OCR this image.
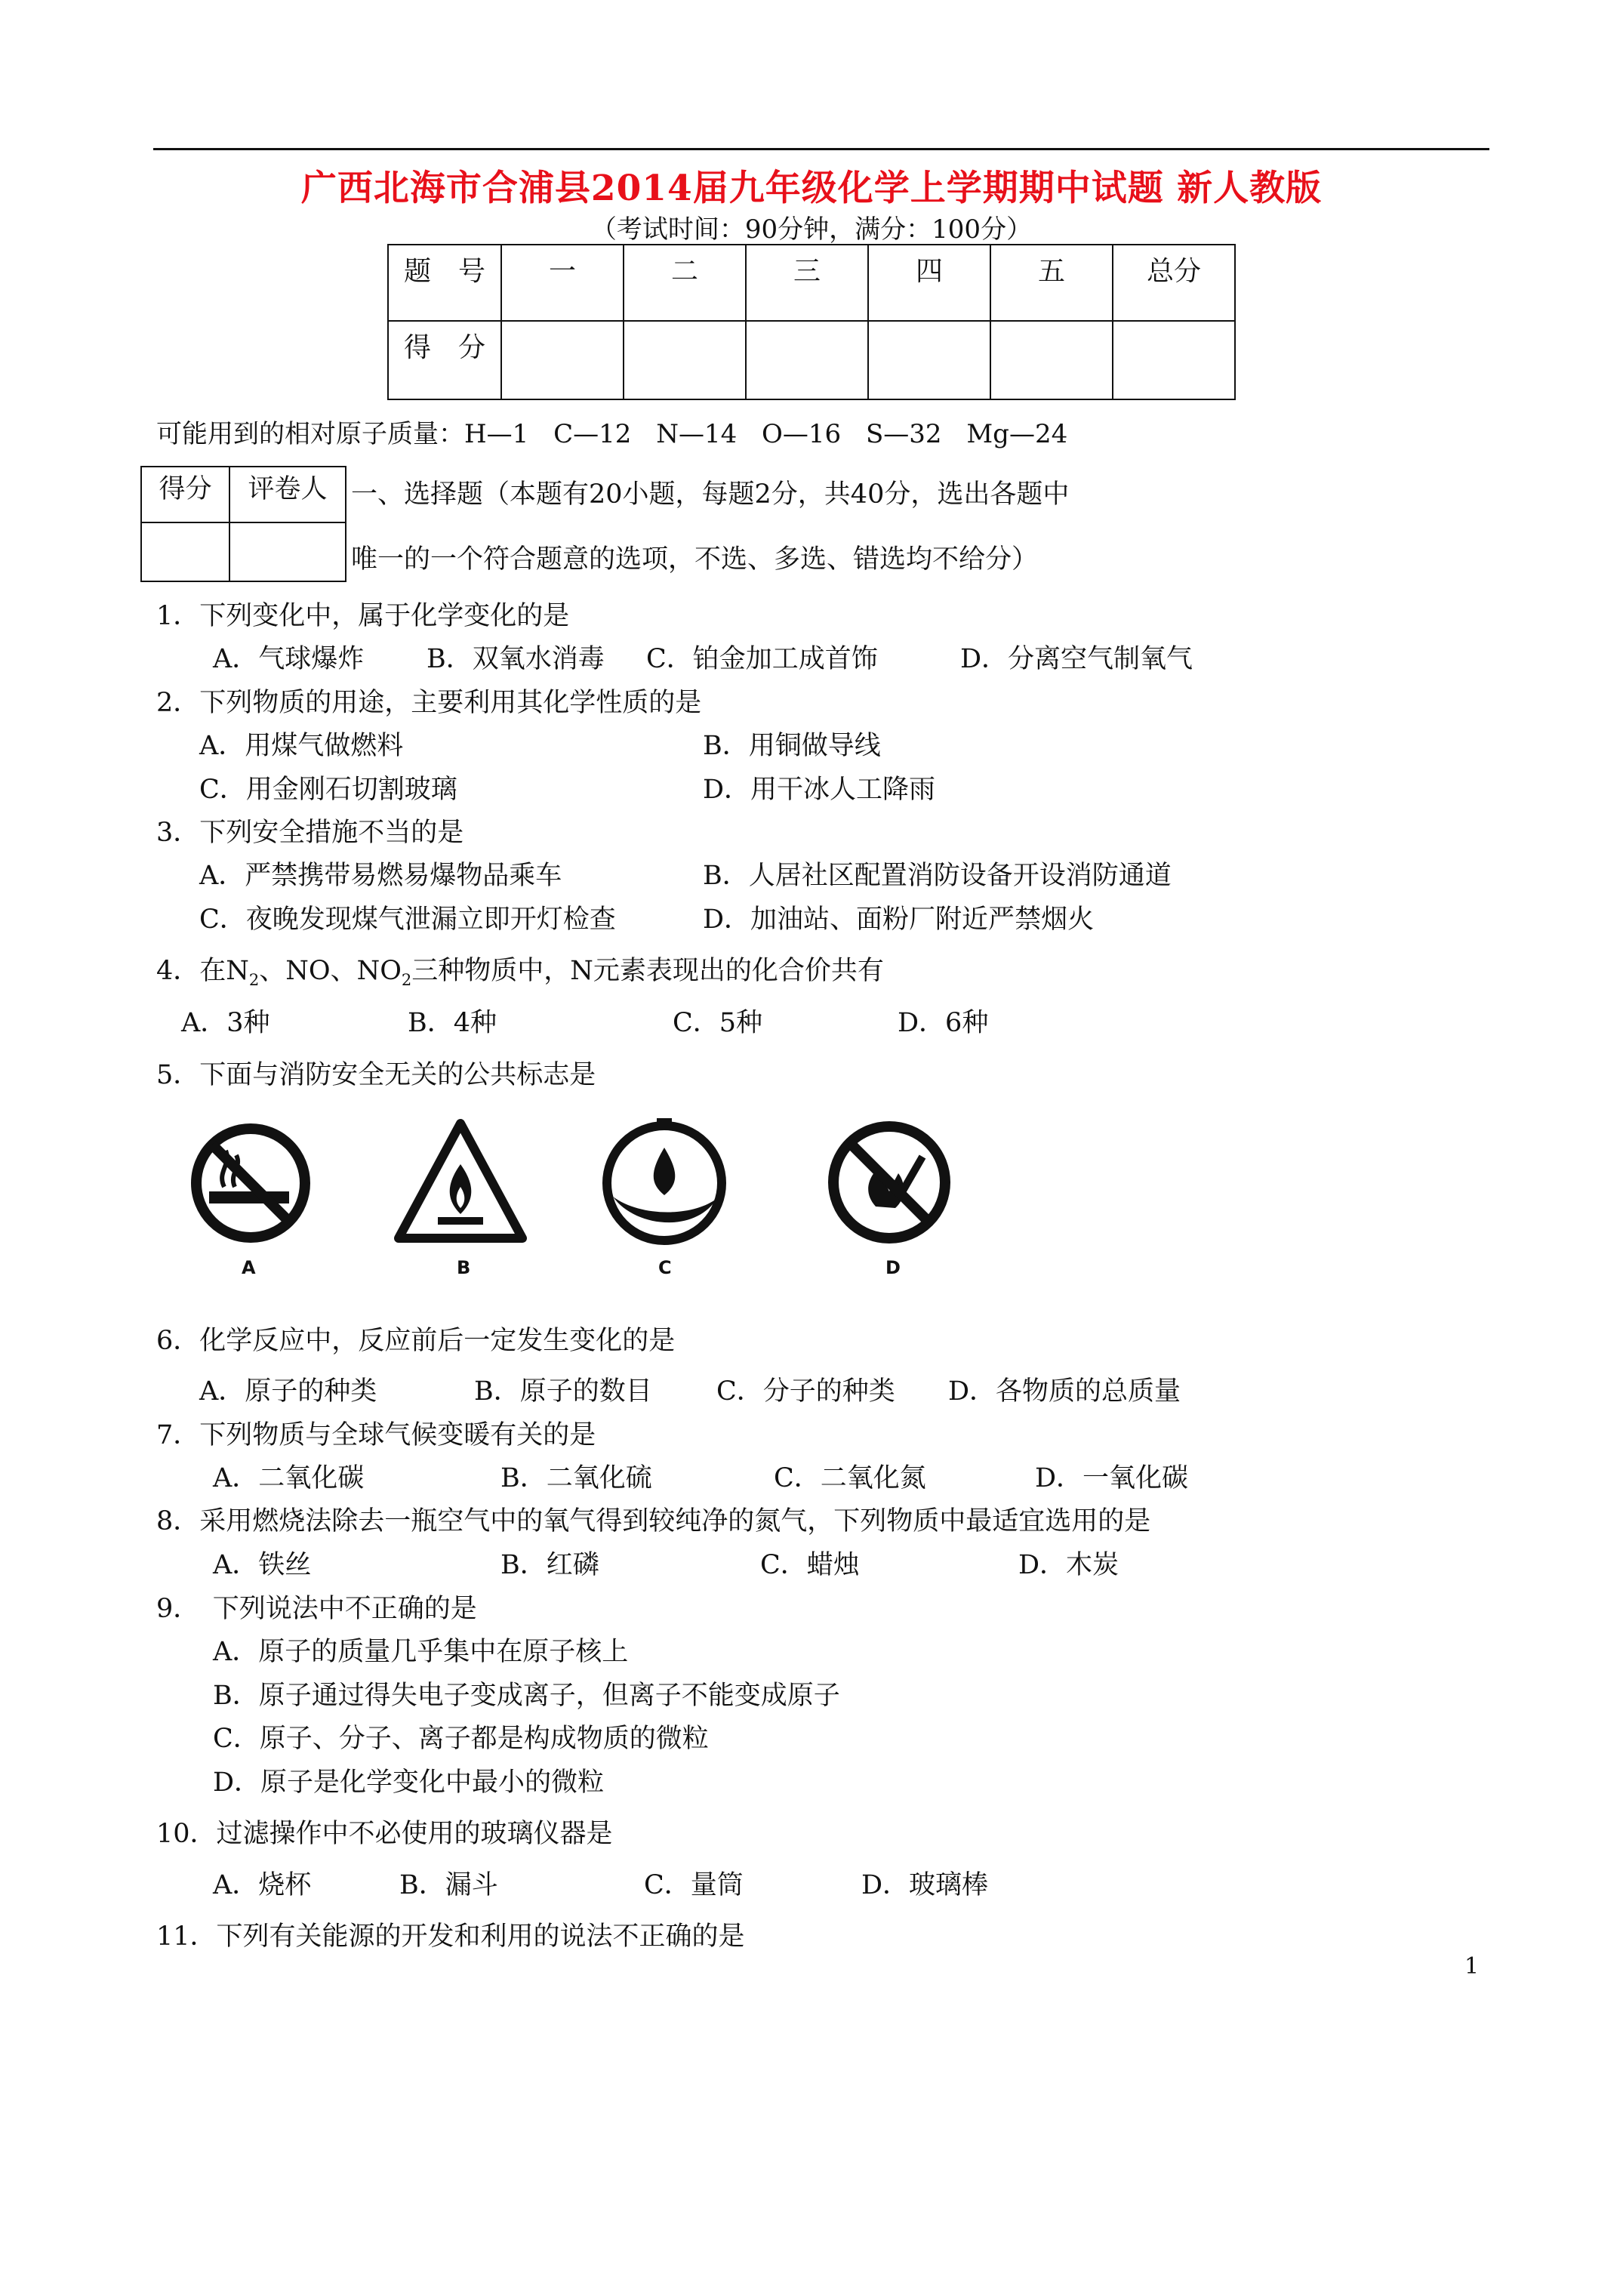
广西北海市合浦县2014届九年级化学上学期期中试题 新人教版
（考试时间：90分钟，满分：100分）
题　号	一	二	三	四	五	总分
得　分						
可能用到的相对原子质量：H—1 C—12 N—14 O—16 S—32 Mg—24
得分	评卷人
	一、选择题（本题有20小题，每题2分，共40分，选出各题中
唯一的一个符合题意的选项，不选、多选、错选均不给分）
1．下列变化中，属于化学变化的是
A．气球爆炸 B．双氧水消毒 C．铂金加工成首饰	D．分离空气制氧气
2．下列物质的用途，主要利用其化学性质的是
A．用煤气做燃料	B．用铜做导线
C．用金刚石切割玻璃	D．用干冰人工降雨
3．下列安全措施不当的是
A．严禁携带易燃易爆物品乘车	B．人居社区配置消防设备开设消防通道
C．夜晚发现煤气泄漏立即开灯检查	D．加油站、面粉厂附近严禁烟火
4．在$N_2$、NO、$NO_2$三种物质中，N元素表现出的化合价共有
A．3种	B．4种	C．5种	D．6种
5．下面与消防安全无关的公共标志是
A	B	C	D
6．化学反应中，反应前后一定发生变化的是
A．原子的种类	B．原子的数目 C．分子的种类 D．各物质的总质量
7．下列物质与全球气候变暖有关的是
A．二氧化碳	B．二氧化硫	C．二氧化氮	D．一氧化碳
8．采用燃烧法除去一瓶空气中的氧气得到较纯净的氮气，下列物质中最适宜选用的是
A．铁丝	B．红磷	C．蜡烛	D．木炭
9．　下列说法中不正确的是
A．原子的质量几乎集中在原子核上
B．原子通过得失电子变成离子，但离子不能变成原子
C．原子、分子、离子都是构成物质的微粒
D．原子是化学变化中最小的微粒
10．过滤操作中不必使用的玻璃仪器是
A．烧杯	B．漏斗	C．量筒	D．玻璃棒
11．下列有关能源的开发和利用的说法不正确的是
1
